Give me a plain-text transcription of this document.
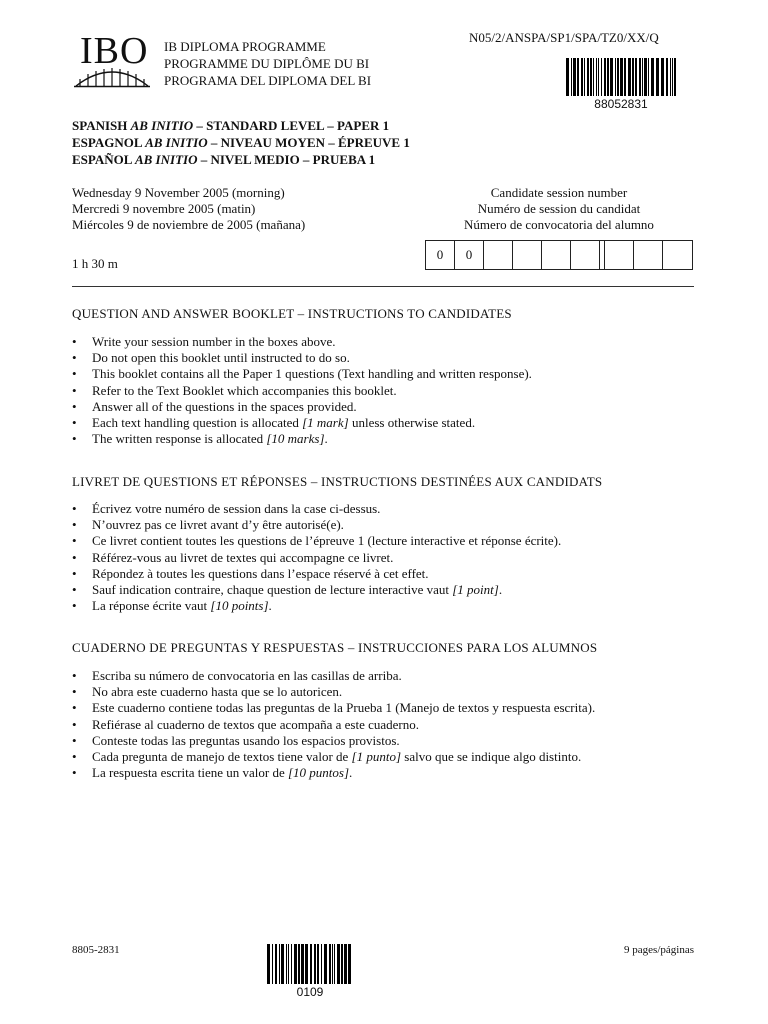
IBO IB DIPLOMA PROGRAMME
PROGRAMME DU DIPLÔME DU BI
PROGRAMA DEL DIPLOMA DEL BI
N05/2/ANSPA/SP1/SPA/TZ0/XX/Q
88052831
SPANISH AB INITIO – STANDARD LEVEL – PAPER 1
ESPAGNOL AB INITIO – NIVEAU MOYEN – ÉPREUVE 1
ESPAÑOL AB INITIO – NIVEL MEDIO – PRUEBA 1
Wednesday 9 November 2005 (morning)
Mercredi 9 novembre 2005 (matin)
Miércoles 9 de noviembre de 2005 (mañana)
1 h 30 m
Candidate session number
Numéro de session du candidat
Número de convocatoria del alumno
0	0
QUESTION AND ANSWER BOOKLET – INSTRUCTIONS TO CANDIDATES
• Write your session number in the boxes above.
• Do not open this booklet until instructed to do so.
• This booklet contains all the Paper 1 questions (Text handling and written response).
• Refer to the Text Booklet which accompanies this booklet.
• Answer all of the questions in the spaces provided.
• Each text handling question is allocated [1 mark] unless otherwise stated.
• The written response is allocated [10 marks].
LIVRET DE QUESTIONS ET RÉPONSES – INSTRUCTIONS DESTINÉES AUX CANDIDATS
• Écrivez votre numéro de session dans la case ci-dessus.
• N’ouvrez pas ce livret avant d’y être autorisé(e).
• Ce livret contient toutes les questions de l’épreuve 1 (lecture interactive et réponse écrite).
• Référez-vous au livret de textes qui accompagne ce livret.
• Répondez à toutes les questions dans l’espace réservé à cet effet.
• Sauf indication contraire, chaque question de lecture interactive vaut [1 point].
• La réponse écrite vaut [10 points].
CUADERNO DE PREGUNTAS Y RESPUESTAS – INSTRUCCIONES PARA LOS ALUMNOS
• Escriba su número de convocatoria en las casillas de arriba.
• No abra este cuaderno hasta que se lo autoricen.
• Este cuaderno contiene todas las preguntas de la Prueba 1 (Manejo de textos y respuesta escrita).
• Refiérase al cuaderno de textos que acompaña a este cuaderno.
• Conteste todas las preguntas usando los espacios provistos.
• Cada pregunta de manejo de textos tiene valor de [1 punto] salvo que se indique algo distinto.
• La respuesta escrita tiene un valor de [10 puntos].
8805-2831
0109
9 pages/páginas
